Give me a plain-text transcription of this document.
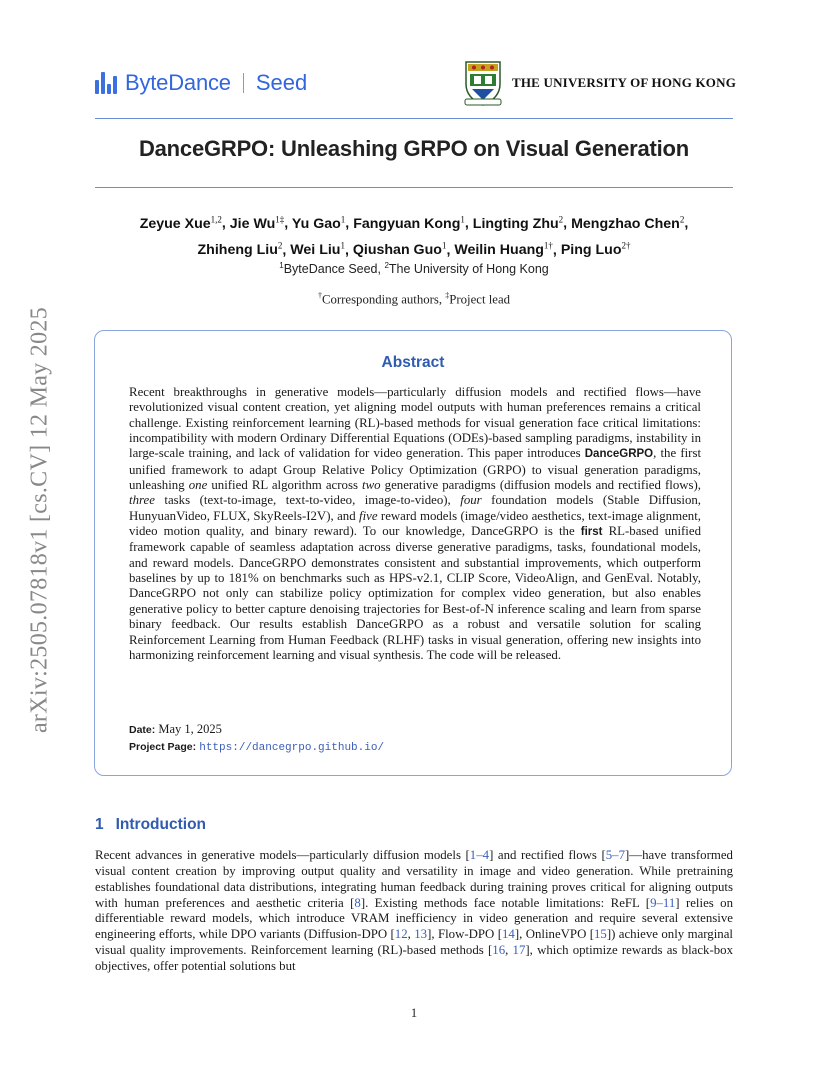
arXiv:2505.07818v1 [cs.CV] 12 May 2025
ByteDance Seed	THE UNIVERSITY OF HONG KONG
DanceGRPO: Unleashing GRPO on Visual Generation
Zeyue Xue$^{1,2}$, Jie $Wu^{1\ddagger}$, Yu Gao$^1$, Fangyuan Kong$^1$, Lingting Zhu$^2$, Mengzhao Chen$^2$,
Zhiheng Liu$^2$, Wei Liu$^1$, Qiushan Guo$^1$, Weilin Huang$^{1\dagger}$, Ping Luo$^{2\dagger}$
$^1$ByteDance Seed, $^2$The University of Hong Kong
†Corresponding authors, ‡Project lead
Abstract
Recent breakthroughs in generative models—particularly diffusion models and rectified flows—have revolutionized visual content creation, yet aligning model outputs with human preferences remains a critical challenge. Existing reinforcement learning (RL)-based methods for visual generation face critical limitations: incompatibility with modern Ordinary Differential Equations (ODEs)-based sampling paradigms, instability in large-scale training, and lack of validation for video generation. This paper introduces DanceGRPO, the first unified framework to adapt Group Relative Policy Optimization (GRPO) to visual generation paradigms, unleashing one unified RL algorithm across two generative paradigms (diffusion models and rectified flows), three tasks (text-to-image, text-to-video, image-to-video), four foundation models (Stable Diffusion, HunyuanVideo, FLUX, SkyReels-I2V), and five reward models (image/video aesthetics, text-image alignment, video motion quality, and binary reward). To our knowledge, DanceGRPO is the first RL-based unified framework capable of seamless adaptation across diverse generative paradigms, tasks, foundational models, and reward models. DanceGRPO demonstrates consistent and substantial improvements, which outperform baselines by up to 181% on benchmarks such as HPS-v2.1, CLIP Score, VideoAlign, and GenEval. Notably, DanceGRPO not only can stabilize policy optimization for complex video generation, but also enables generative policy to better capture denoising trajectories for Best-of-N inference scaling and learn from sparse binary feedback. Our results establish DanceGRPO as a robust and versatile solution for scaling Reinforcement Learning from Human Feedback (RLHF) tasks in visual generation, offering new insights into harmonizing reinforcement learning and visual synthesis. The code will be released.
Date: May 1, 2025
Project Page: https://dancegrpo.github.io/
1 Introduction
Recent advances in generative models—particularly diffusion models [1–4] and rectified flows [5–7]—have transformed visual content creation by improving output quality and versatility in image and video generation. While pretraining establishes foundational data distributions, integrating human feedback during training proves critical for aligning outputs with human preferences and aesthetic criteria [8]. Existing methods face notable limitations: ReFL [9–11] relies on differentiable reward models, which introduce VRAM inefficiency in video generation and require several extensive engineering efforts, while DPO variants (Diffusion-DPO [12, 13], Flow-DPO [14], OnlineVPO [15]) achieve only marginal visual quality improvements. Reinforcement learning (RL)-based methods [16, 17], which optimize rewards as black-box objectives, offer potential solutions but
1
